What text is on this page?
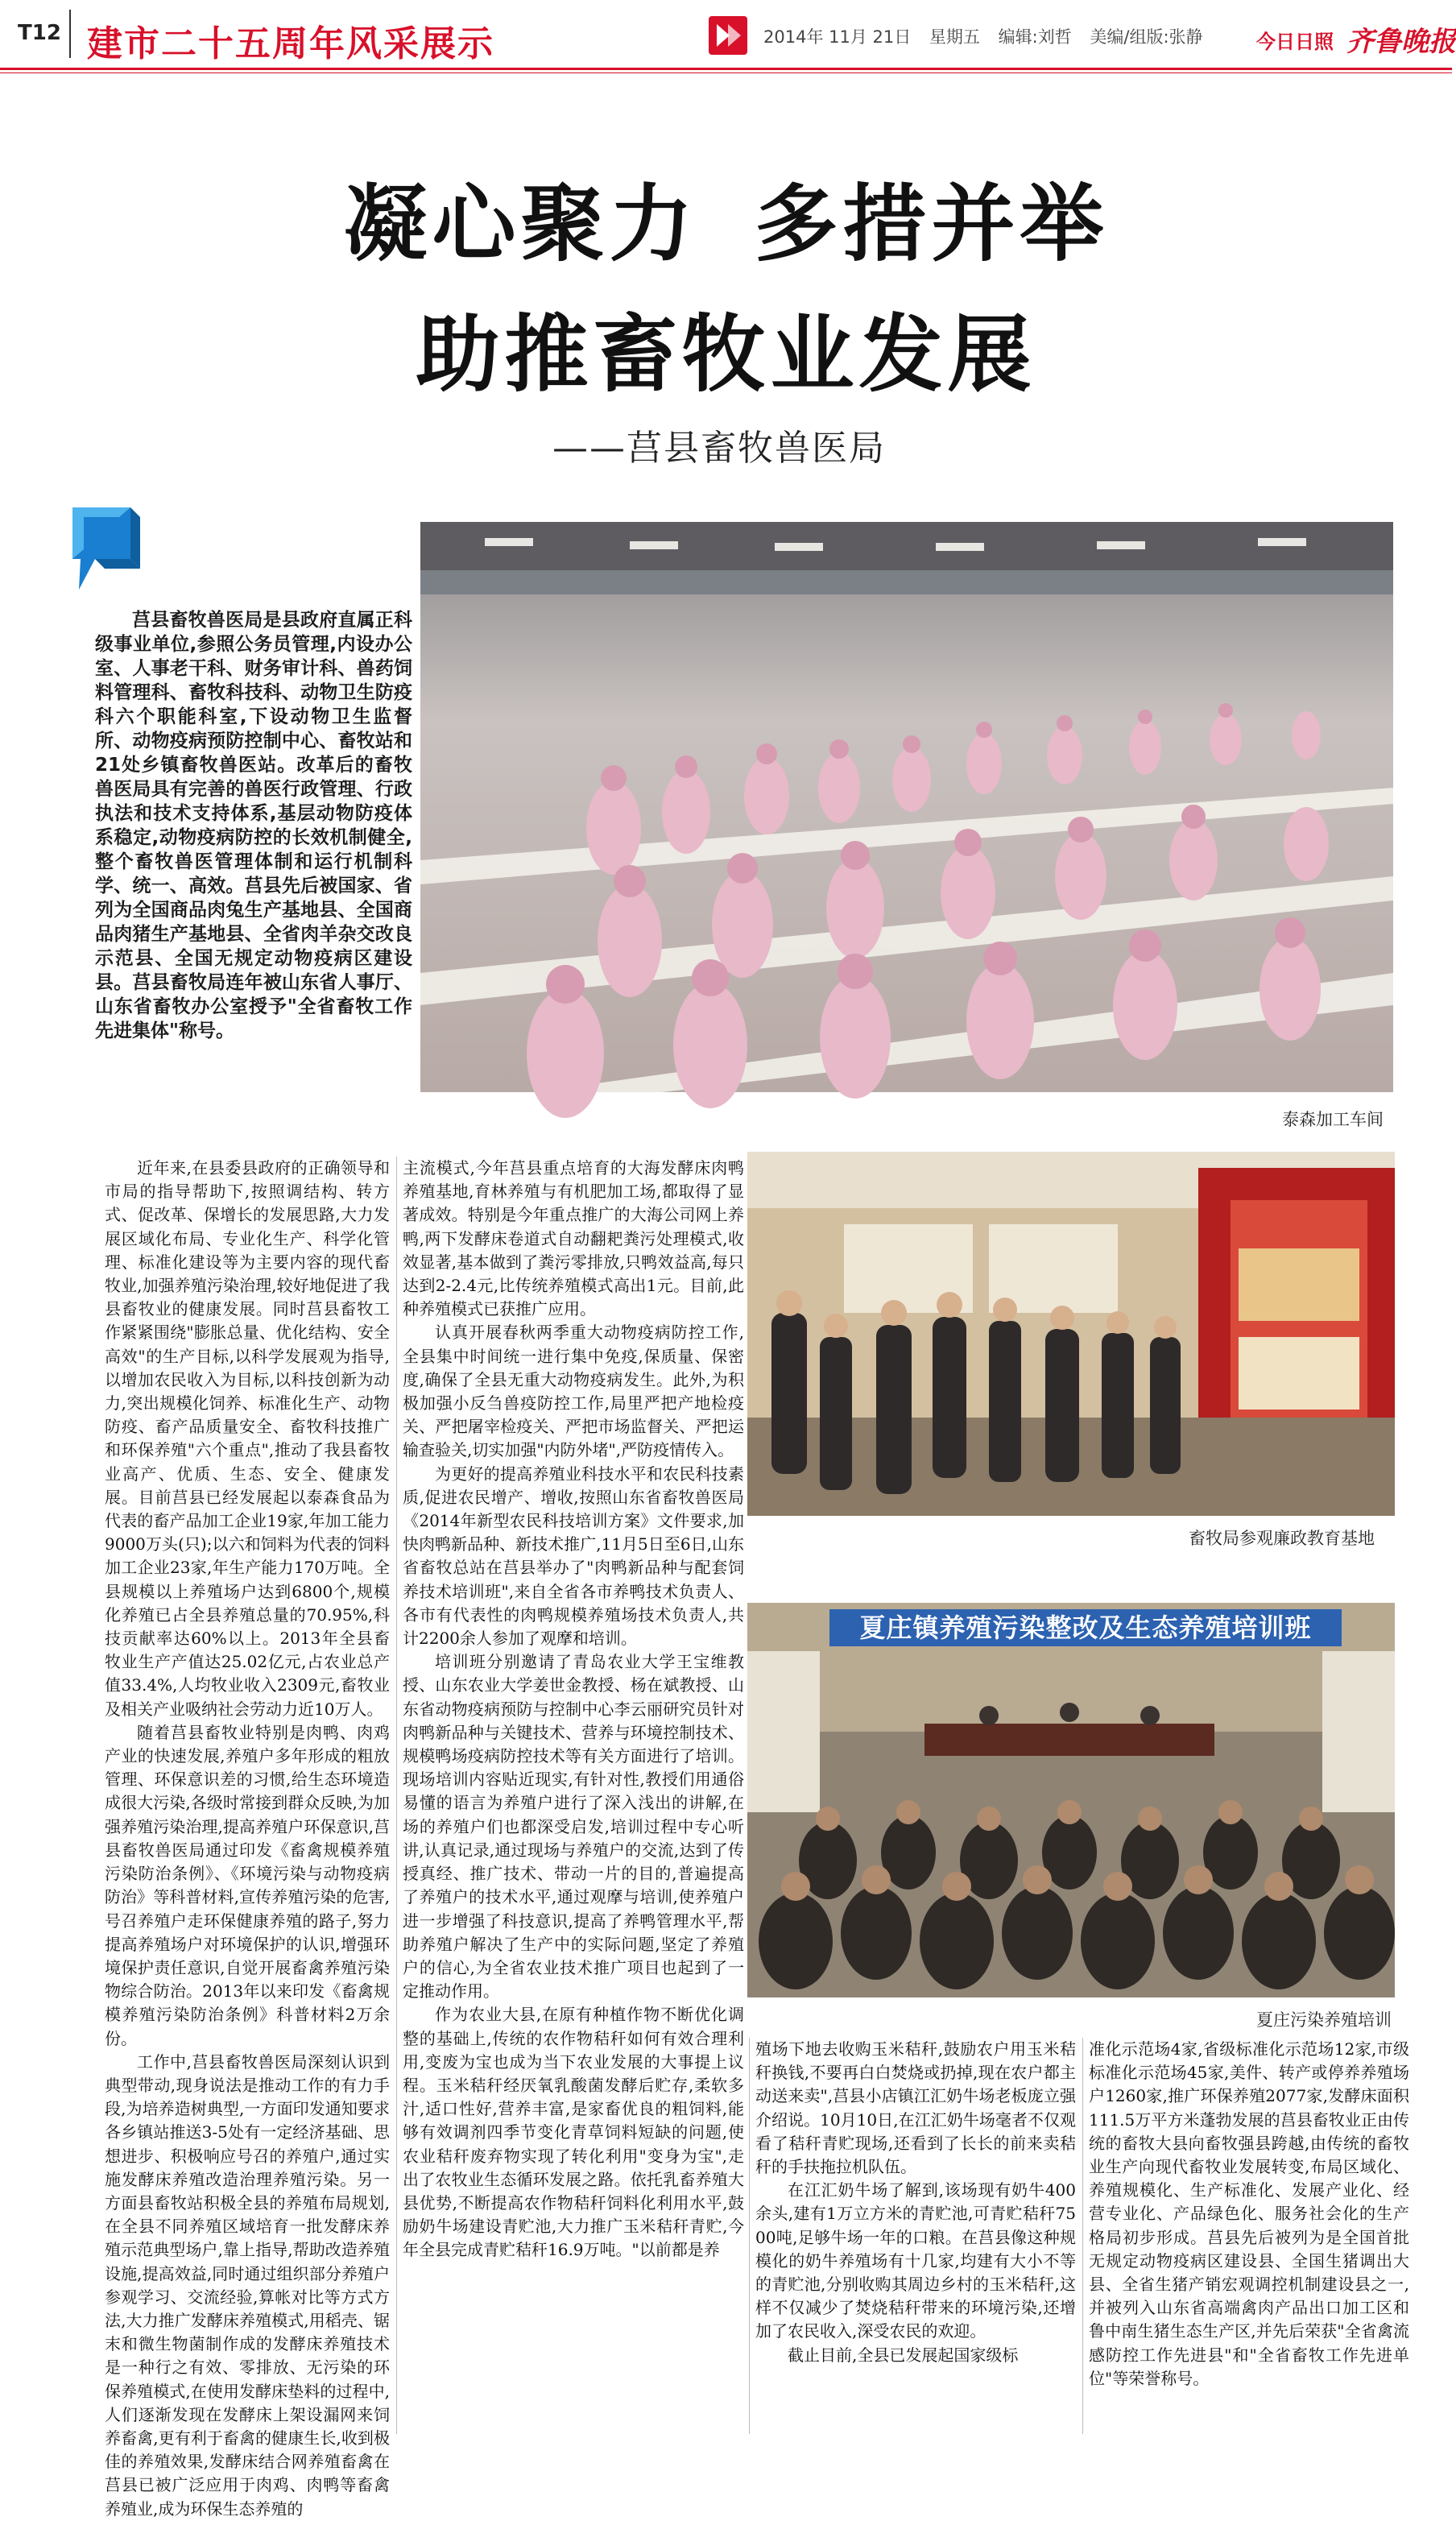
T12 建市二十五周年风采展示	2014年 11月 21日 星期五 编辑:刘哲 美编/组版:张静	今日日照 齐鲁晚报
凝心聚力 多措并举
助推畜牧业发展
——莒县畜牧兽医局

莒县畜牧兽医局是县政府直属正科级事业单位,参照公务员管理,内设办公室、人事老干科、财务审计科、兽药饲料管理科、畜牧科技科、动物卫生防疫科六个职能科室,下设动物卫生监督所、动物疫病预防控制中心、畜牧站和21处乡镇畜牧兽医站。改革后的畜牧兽医局具有完善的兽医行政管理、行政执法和技术支持体系,基层动物防疫体系稳定,动物疫病防控的长效机制健全,整个畜牧兽医管理体制和运行机制科学、统一、高效。莒县先后被国家、省列为全国商品肉兔生产基地县、全国商品肉猪生产基地县、全省肉羊杂交改良示范县、全国无规定动物疫病区建设县。莒县畜牧局连年被山东省人事厅、山东省畜牧办公室授予"全省畜牧工作先进集体"称号。

泰森加工车间
畜牧局参观廉政教育基地
夏庄镇养殖污染整改及生态养殖培训班
夏庄污染养殖培训

近年来,在县委县政府的正确领导和市局的指导帮助下,按照调结构、转方式、促改革、保增长的发展思路,大力发展区域化布局、专业化生产、科学化管理、标准化建设等为主要内容的现代畜牧业,加强养殖污染治理,较好地促进了我县畜牧业的健康发展。同时莒县畜牧工作紧紧围绕"膨胀总量、优化结构、安全高效"的生产目标,以科学发展观为指导,以增加农民收入为目标,以科技创新为动力,突出规模化饲养、标准化生产、动物防疫、畜产品质量安全、畜牧科技推广和环保养殖"六个重点",推动了我县畜牧业高产、优质、生态、安全、健康发展。目前莒县已经发展起以泰森食品为代表的畜产品加工企业19家,年加工能力9000万头(只);以六和饲料为代表的饲料加工企业23家,年生产能力170万吨。全县规模以上养殖场户达到6800个,规模化养殖已占全县养殖总量的70.95%,科技贡献率达60%以上。2013年全县畜牧业生产产值达25.02亿元,占农业总产值33.4%,人均牧业收入2309元,畜牧业及相关产业吸纳社会劳动力近10万人。

随着莒县畜牧业特别是肉鸭、肉鸡产业的快速发展,养殖户多年形成的粗放管理、环保意识差的习惯,给生态环境造成很大污染,各级时常接到群众反映,为加强养殖污染治理,提高养殖户环保意识,莒县畜牧兽医局通过印发《畜禽规模养殖污染防治条例》、《环境污染与动物疫病防治》等科普材料,宣传养殖污染的危害,号召养殖户走环保健康养殖的路子,努力提高养殖场户对环境保护的认识,增强环境保护责任意识,自觉开展畜禽养殖污染物综合防治。2013年以来印发《畜禽规模养殖污染防治条例》科普材料2万余份。

工作中,莒县畜牧兽医局深刻认识到典型带动,现身说法是推动工作的有力手段,为培养造树典型,一方面印发通知要求各乡镇站推送3-5处有一定经济基础、思想进步、积极响应号召的养殖户,通过实施发酵床养殖改造治理养殖污染。另一方面县畜牧站积极全县的养殖布局规划,在全县不同养殖区域培育一批发酵床养殖示范典型场户,靠上指导,帮助改造养殖设施,提高效益,同时通过组织部分养殖户参观学习、交流经验,算帐对比等方式方法,大力推广发酵床养殖模式,用稻壳、锯末和微生物菌制作成的发酵床养殖技术是一种行之有效、零排放、无污染的环保养殖模式,在使用发酵床垫料的过程中,人们逐渐发现在发酵床上架设漏网来饲养畜禽,更有利于畜禽的健康生长,收到极佳的养殖效果,发酵床结合网养殖畜禽在莒县已被广泛应用于肉鸡、肉鸭等畜禽养殖业,成为环保生态养殖的

主流模式,今年莒县重点培育的大海发酵床肉鸭养殖基地,育林养殖与有机肥加工场,都取得了显著成效。特别是今年重点推广的大海公司网上养鸭,两下发酵床卷道式自动翻耙粪污处理模式,收效显著,基本做到了粪污零排放,只鸭效益高,每只达到2-2.4元,比传统养殖模式高出1元。目前,此种养殖模式已获推广应用。

认真开展春秋两季重大动物疫病防控工作,全县集中时间统一进行集中免疫,保质量、保密度,确保了全县无重大动物疫病发生。此外,为积极加强小反刍兽疫防控工作,局里严把产地检疫关、严把屠宰检疫关、严把市场监督关、严把运输查验关,切实加强"内防外堵",严防疫情传入。

为更好的提高养殖业科技水平和农民科技素质,促进农民增产、增收,按照山东省畜牧兽医局《2014年新型农民科技培训方案》文件要求,加快肉鸭新品种、新技术推广,11月5日至6日,山东省畜牧总站在莒县举办了"肉鸭新品种与配套饲养技术培训班",来自全省各市养鸭技术负责人、各市有代表性的肉鸭规模养殖场技术负责人,共计2200余人参加了观摩和培训。

培训班分别邀请了青岛农业大学王宝维教授、山东农业大学姜世金教授、杨在斌教授、山东省动物疫病预防与控制中心李云丽研究员针对肉鸭新品种与关键技术、营养与环境控制技术、规模鸭场疫病防控技术等有关方面进行了培训。现场培训内容贴近现实,有针对性,教授们用通俗易懂的语言为养殖户进行了深入浅出的讲解,在场的养殖户们也都深受启发,培训过程中专心听讲,认真记录,通过现场与养殖户的交流,达到了传授真经、推广技术、带动一片的目的,普遍提高了养殖户的技术水平,通过观摩与培训,使养殖户进一步增强了科技意识,提高了养鸭管理水平,帮助养殖户解决了生产中的实际问题,坚定了养殖户的信心,为全省农业技术推广项目也起到了一定推动作用。

作为农业大县,在原有种植作物不断优化调整的基础上,传统的农作物秸秆如何有效合理利用,变废为宝也成为当下农业发展的大事提上议程。玉米秸秆经厌氧乳酸菌发酵后贮存,柔软多汁,适口性好,营养丰富,是家畜优良的粗饲料,能够有效调剂四季节变化青草饲料短缺的问题,使农业秸秆废弃物实现了转化利用"变身为宝",走出了农牧业生态循环发展之路。依托乳畜养殖大县优势,不断提高农作物秸秆饲料化利用水平,鼓励奶牛场建设青贮池,大力推广玉米秸秆青贮,今年全县完成青贮秸秆16.9万吨。"以前都是养

殖场下地去收购玉米秸秆,鼓励农户用玉米秸秆换钱,不要再白白焚烧或扔掉,现在农户都主动送来卖",莒县小店镇江汇奶牛场老板庞立强介绍说。10月10日,在江汇奶牛场毫者不仅观看了秸秆青贮现场,还看到了长长的前来卖秸秆的手扶拖拉机队伍。

在江汇奶牛场了解到,该场现有奶牛400余头,建有1万立方米的青贮池,可青贮秸秆7500吨,足够牛场一年的口粮。在莒县像这种规模化的奶牛养殖场有十几家,均建有大小不等的青贮池,分别收购其周边乡村的玉米秸秆,这样不仅减少了焚烧秸秆带来的环境污染,还增加了农民收入,深受农民的欢迎。

截止目前,全县已发展起国家级标

准化示范场4家,省级标准化示范场12家,市级标准化示范场45家,美件、转产或停养养殖场户1260家,推广环保养殖2077家,发酵床面积111.5万平方米蓬勃发展的莒县畜牧业正由传统的畜牧大县向畜牧强县跨越,由传统的畜牧业生产向现代畜牧业发展转变,布局区域化、养殖规模化、生产标准化、发展产业化、经营专业化、产品绿色化、服务社会化的生产格局初步形成。莒县先后被列为是全国首批无规定动物疫病区建设县、全国生猪调出大县、全省生猪产销宏观调控机制建设县之一,并被列入山东省高端禽肉产品出口加工区和鲁中南生猪生态生产区,并先后荣获"全省禽流感防控工作先进县"和"全省畜牧工作先进单位"等荣誉称号。
